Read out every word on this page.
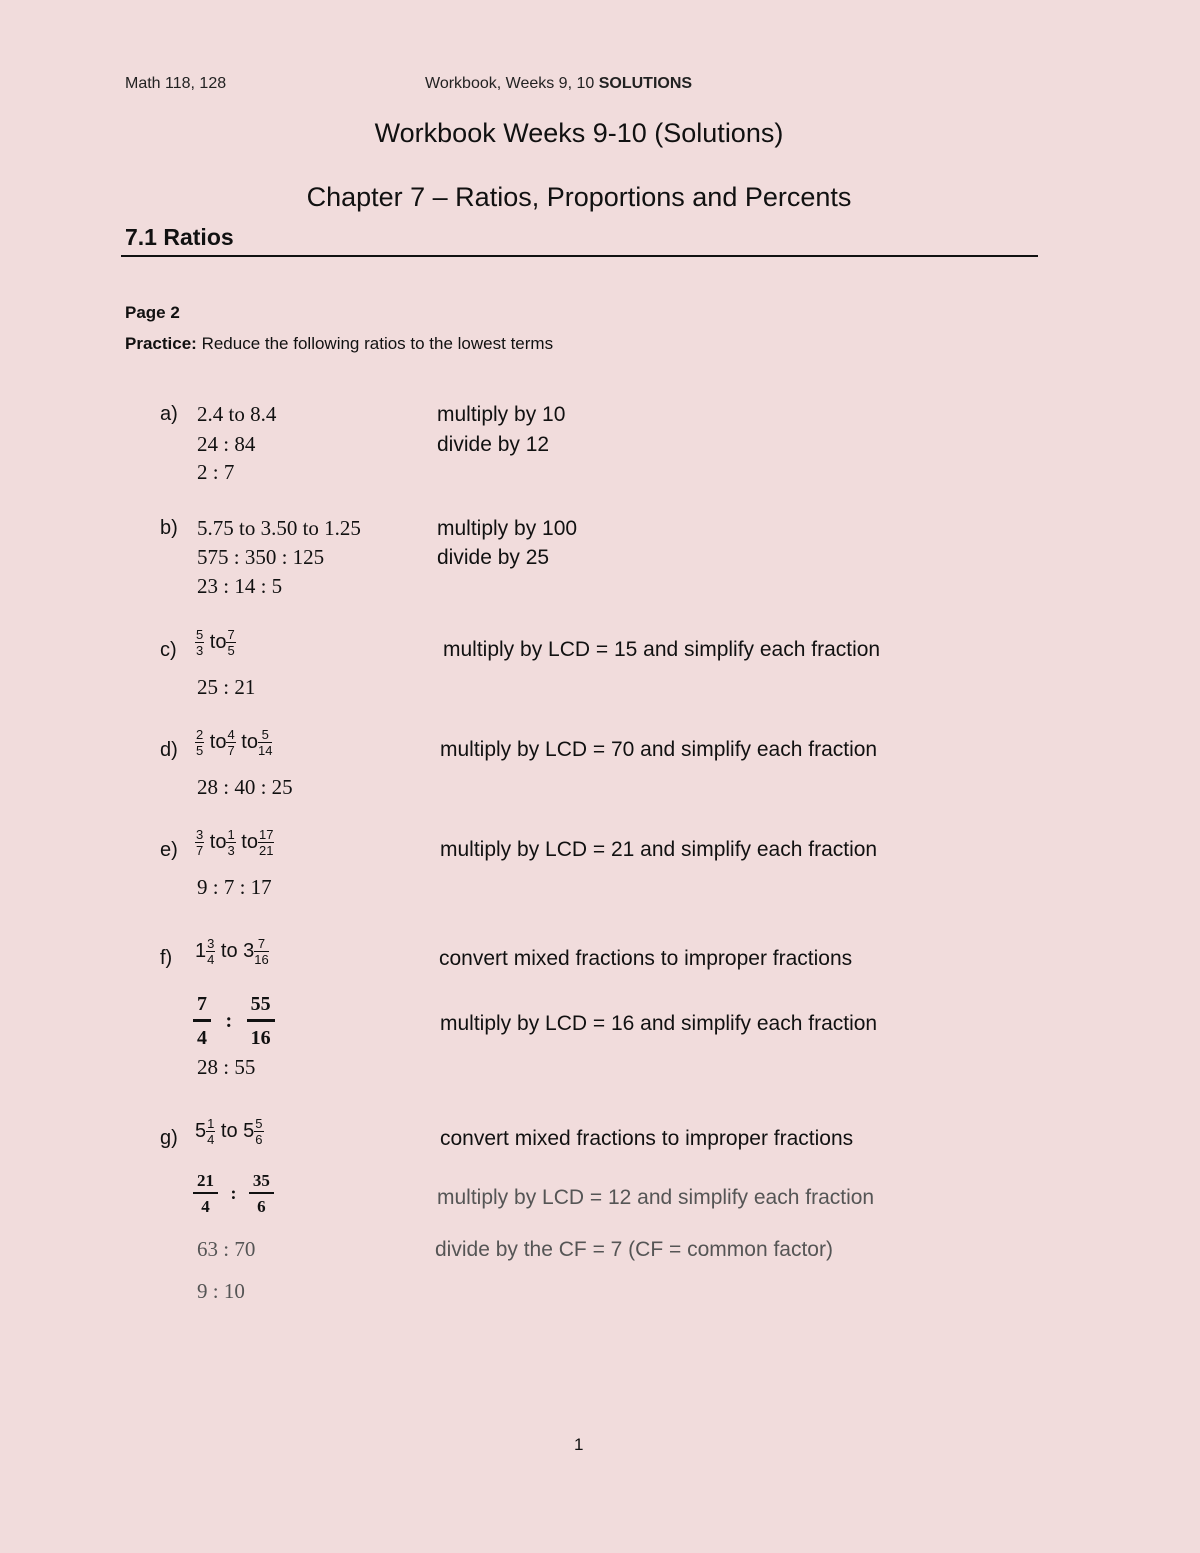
Math 118, 128	Workbook, Weeks 9, 10 SOLUTIONS
Workbook Weeks 9-10 (Solutions)
Chapter 7 – Ratios, Proportions and Percents
7.1 Ratios
Page 2
Practice: Reduce the following ratios to the lowest terms
a) 2.4 to 8.4
24 : 84
2 : 7
multiply by 10
divide by 12
b) 5.75 to 3.50 to 1.25
575 : 350 : 125
23 : 14 : 5
multiply by 100
divide by 25
$c) \frac{5}{3}$ to $\frac{7}{5}$
25 : 21
multiply by LCD = 15 and simplify each fraction
$d) \frac{2}{5}$ to $\frac{4}{7}$ to $\frac{5}{14}$
28 : 40 : 25
multiply by LCD = 70 and simplify each fraction
$e) \frac{3}{7}$ to $\frac{1}{3}$ to $\frac{17}{21}$
9 : 7 : 17
multiply by LCD = 21 and simplify each fraction
f) $1 \frac{3}{4}$ to $3 \frac{7}{16}$
$\frac{7}{4}$ : $\frac{55}{16}$
28 : 55
convert mixed fractions to improper fractions
multiply by LCD = 16 and simplify each fraction
g) $5 \frac{1}{4}$ to $5 \frac{5}{6}$
$\frac{21}{4}$ : $\frac{35}{6}$
63 : 70
9 : 10
convert mixed fractions to improper fractions
multiply by LCD = 12 and simplify each fraction
divide by the CF = 7 (CF = common factor)
1
